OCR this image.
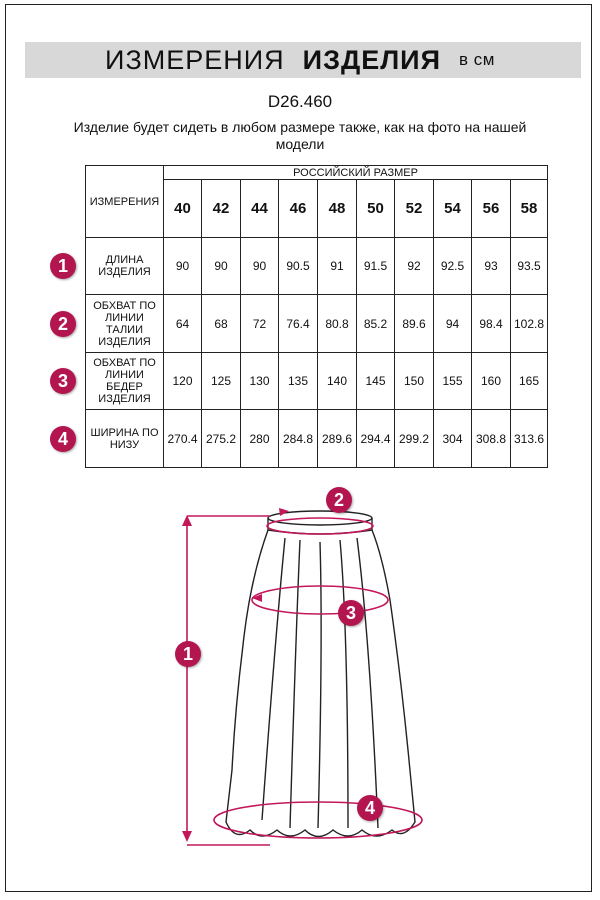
ИЗМЕРЕНИЯ ИЗДЕЛИЯ в см
D26.460
Изделие будет сидеть в любом размере также, как на фото на нашей модели
ИЗМЕРЕНИЯ	РОССИЙСКИЙ РАЗМЕР									
	40	42	44	46	48	50	52	54	56	58
ДЛИНА ИЗДЕЛИЯ	90	90	90	90.5	91	91.5	92	92.5	93	93.5
ОБХВАТ ПО ЛИНИИ ТАЛИИ ИЗДЕЛИЯ	64	68	72	76.4	80.8	85.2	89.6	94	98.4	102.8
ОБХВАТ ПО ЛИНИИ БЕДЕР ИЗДЕЛИЯ	120	125	130	135	140	145	150	155	160	165
ШИРИНА ПО НИЗУ	270.4	275.2	280	284.8	289.6	294.4	299.2	304	308.8	313.6
1
2
3
4
2
3
1
4
